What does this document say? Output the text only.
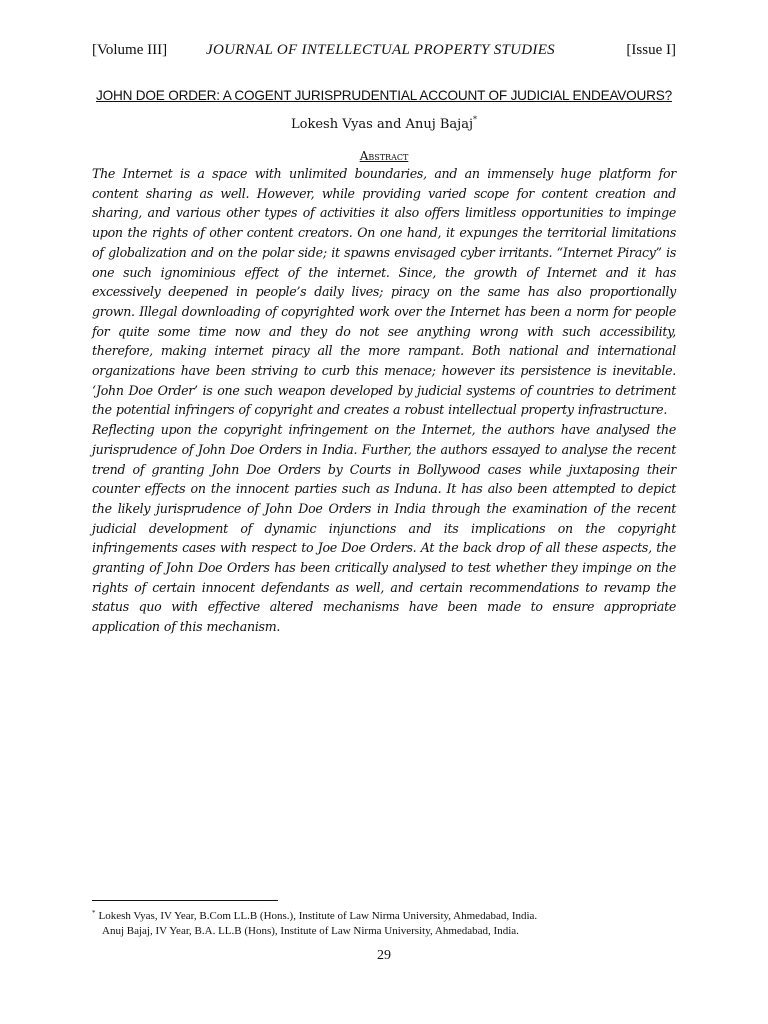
[Volume III]	JOURNAL OF INTELLECTUAL PROPERTY STUDIES	[Issue I]
JOHN DOE ORDER: A COGENT JURISPRUDENTIAL ACCOUNT OF JUDICIAL ENDEAVOURS?
Lokesh Vyas and Anuj Bajaj*
Abstract

The Internet is a space with unlimited boundaries, and an immensely huge platform for content sharing as well. However, while providing varied scope for content creation and sharing, and various other types of activities it also offers limitless opportunities to impinge upon the rights of other content creators. On one hand, it expunges the territorial limitations of globalization and on the polar side; it spawns envisaged cyber irritants. “Internet Piracy” is one such ignominious effect of the internet. Since, the growth of Internet and it has excessively deepened in people’s daily lives; piracy on the same has also proportionally grown. Illegal downloading of copyrighted work over the Internet has been a norm for people for quite some time now and they do not see anything wrong with such accessibility, therefore, making internet piracy all the more rampant. Both national and international organizations have been striving to curb this menace; however its persistence is inevitable. ‘John Doe Order’ is one such weapon developed by judicial systems of countries to detriment the potential infringers of copyright and creates a robust intellectual property infrastructure.

Reflecting upon the copyright infringement on the Internet, the authors have analysed the jurisprudence of John Doe Orders in India. Further, the authors essayed to analyse the recent trend of granting John Doe Orders by Courts in Bollywood cases while juxtaposing their counter effects on the innocent parties such as Induna. It has also been attempted to depict the likely jurisprudence of John Doe Orders in India through the examination of the recent judicial development of dynamic injunctions and its implications on the copyright infringements cases with respect to Joe Doe Orders. At the back drop of all these aspects, the granting of John Doe Orders has been critically analysed to test whether they impinge on the rights of certain innocent defendants as well, and certain recommendations to revamp the status quo with effective altered mechanisms have been made to ensure appropriate application of this mechanism.

* Lokesh Vyas, IV Year, B.Com LL.B (Hons.), Institute of Law Nirma University, Ahmedabad, India.

Anuj Bajaj, IV Year, B.A. LL.B (Hons), Institute of Law Nirma University, Ahmedabad, India.

29
